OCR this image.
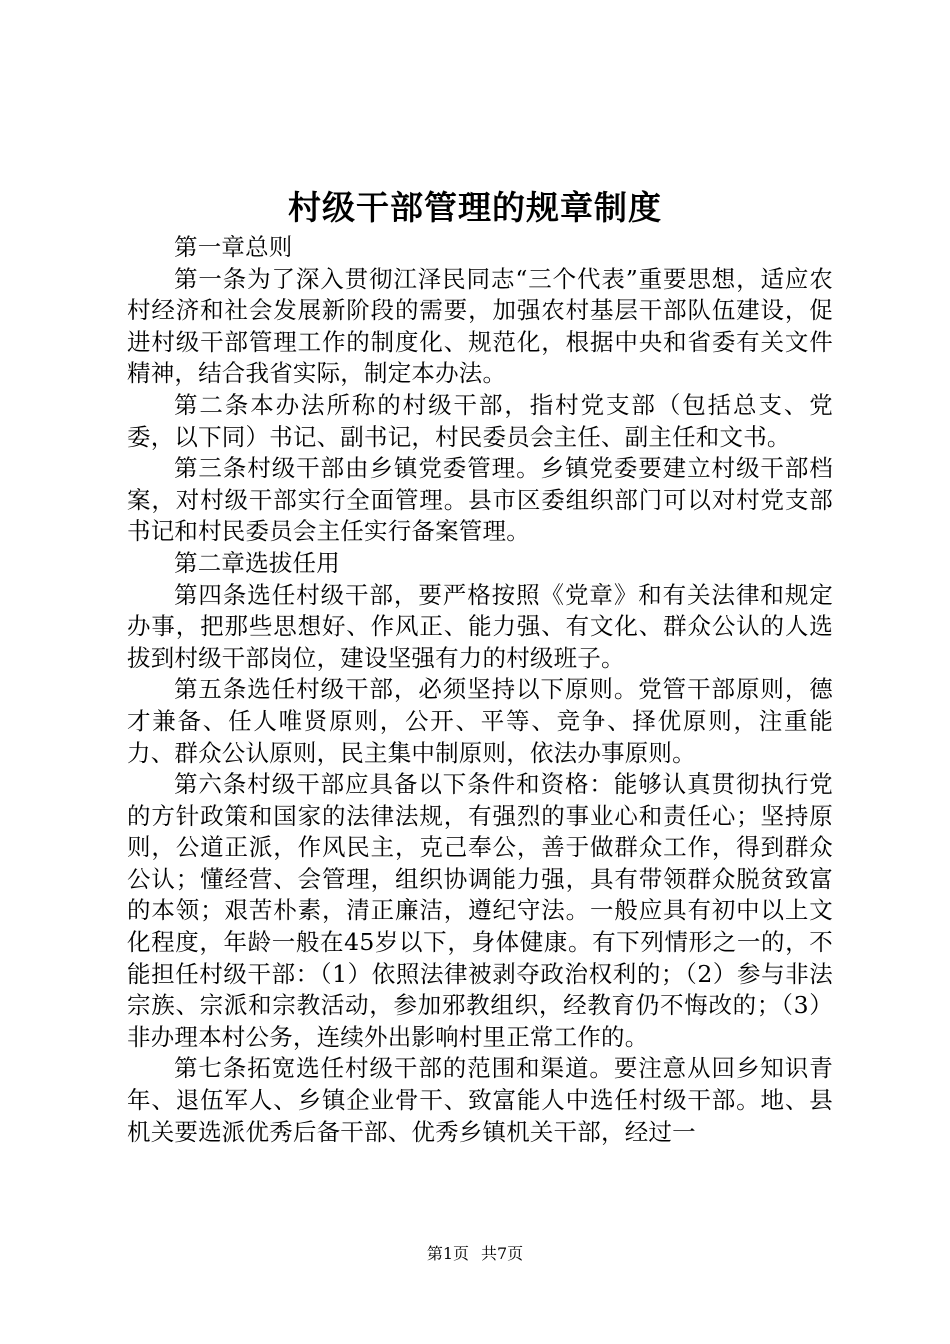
村级干部管理的规章制度

第一章总则

第一条为了深入贯彻江泽民同志“三个代表”重要思想，适应农村经济和社会发展新阶段的需要，加强农村基层干部队伍建设，促进村级干部管理工作的制度化、规范化，根据中央和省委有关文件精神，结合我省实际，制定本办法。

第二条本办法所称的村级干部，指村党支部（包括总支、党委，以下同）书记、副书记，村民委员会主任、副主任和文书。

第三条村级干部由乡镇党委管理。乡镇党委要建立村级干部档案，对村级干部实行全面管理。县市区委组织部门可以对村党支部书记和村民委员会主任实行备案管理。

第二章选拔任用

第四条选任村级干部，要严格按照《党章》和有关法律和规定办事，把那些思想好、作风正、能力强、有文化、群众公认的人选拔到村级干部岗位，建设坚强有力的村级班子。

第五条选任村级干部，必须坚持以下原则。党管干部原则，德才兼备、任人唯贤原则，公开、平等、竞争、择优原则，注重能力、群众公认原则，民主集中制原则，依法办事原则。

第六条村级干部应具备以下条件和资格：能够认真贯彻执行党的方针政策和国家的法律法规，有强烈的事业心和责任心；坚持原则，公道正派，作风民主，克己奉公，善于做群众工作，得到群众公认；懂经营、会管理，组织协调能力强，具有带领群众脱贫致富的本领；艰苦朴素，清正廉洁，遵纪守法。一般应具有初中以上文化程度，年龄一般在45岁以下，身体健康。有下列情形之一的，不能担任村级干部：（1）依照法律被剥夺政治权利的；（2）参与非法宗族、宗派和宗教活动，参加邪教组织，经教育仍不悔改的；（3）非办理本村公务，连续外出影响村里正常工作的。

第七条拓宽选任村级干部的范围和渠道。要注意从回乡知识青年、退伍军人、乡镇企业骨干、致富能人中选任村级干部。地、县机关要选派优秀后备干部、优秀乡镇机关干部，经过一

第1页 共7页
